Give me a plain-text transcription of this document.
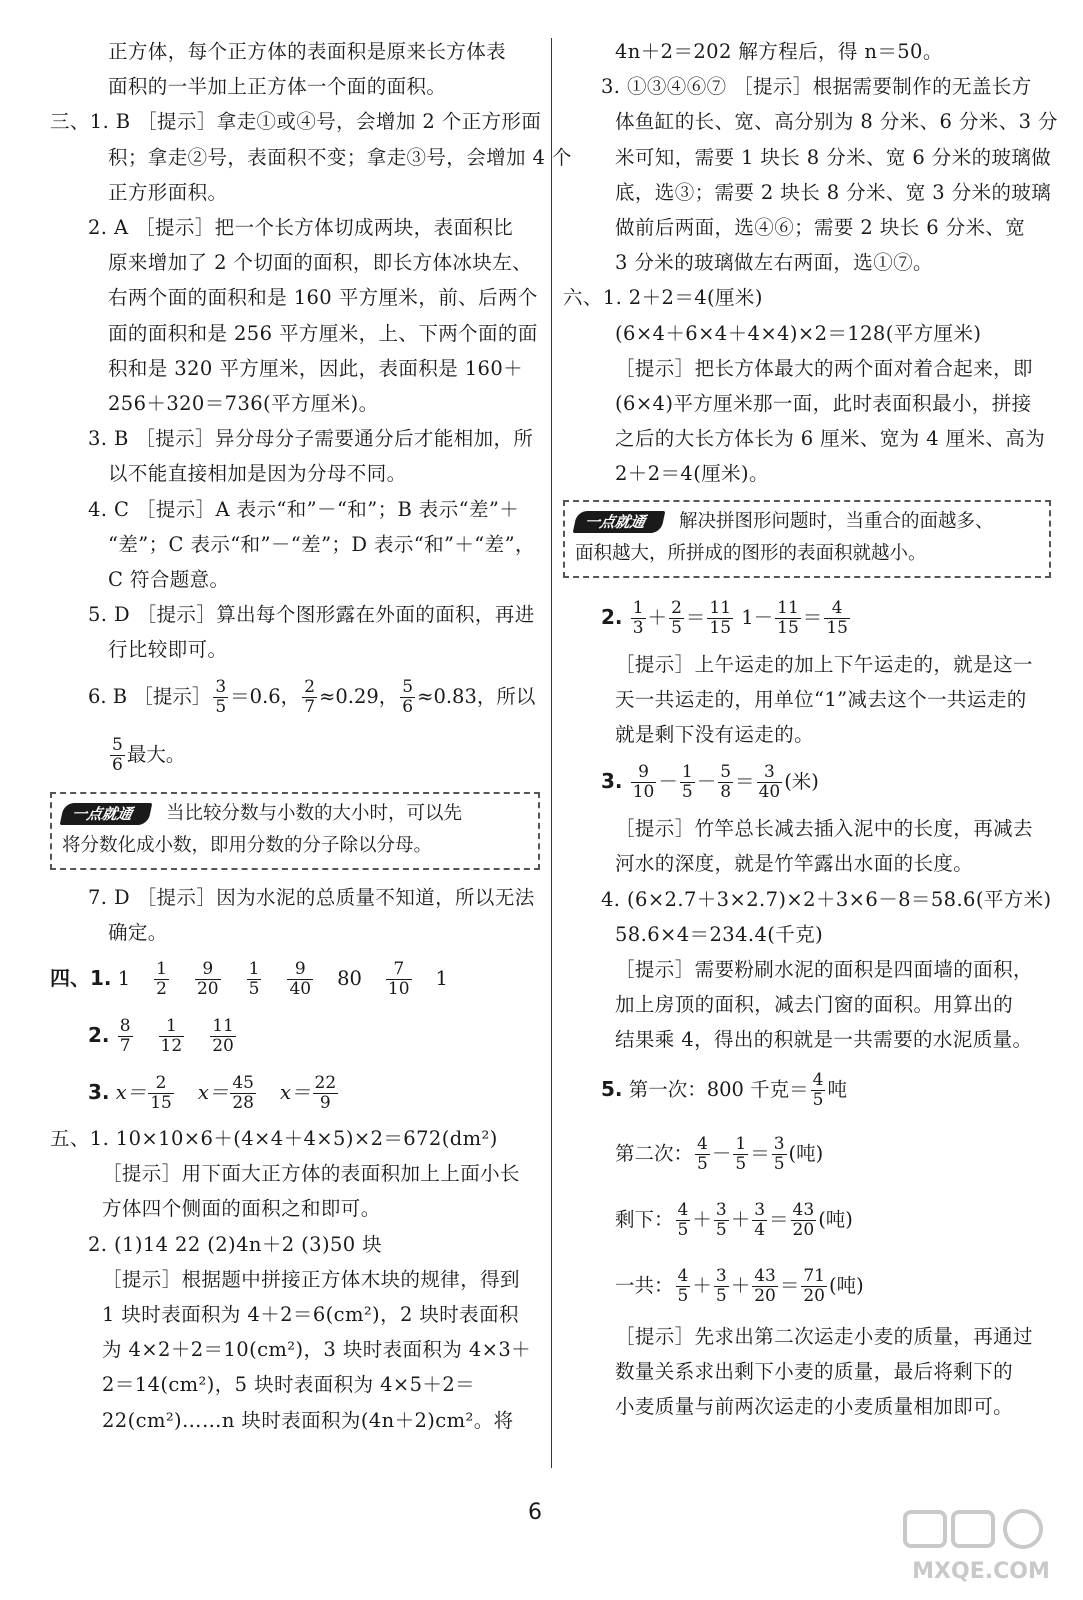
正方体，每个正方体的表面积是原来长方体表
面积的一半加上正方体一个面的面积。
三、1. B ［提示］拿走①或④号，会增加 2 个正方形面
积；拿走②号，表面积不变；拿走③号，会增加 4 个
正方形面积。
2. A ［提示］把一个长方体切成两块，表面积比
原来增加了 2 个切面的面积，即长方体冰块左、
右两个面的面积和是 160 平方厘米，前、后两个
面的面积和是 256 平方厘米，上、下两个面的面
积和是 320 平方厘米，因此，表面积是 160＋
256＋320＝736(平方厘米)。
3. B ［提示］异分母分子需要通分后才能相加，所
以不能直接相加是因为分母不同。
4. C ［提示］A 表示“和”－“和”；B 表示“差”＋
“差”；C 表示“和”－“差”；D 表示“和”＋“差”，
C 符合题意。
5. D ［提示］算出每个图形露在外面的面积，再进
行比较即可。
6. B ［提示］ $\frac{3}{5} =0.6$， $\frac{2}{7} \approx 0.29$， $\frac{5}{6} \approx 0.83$，所以
$\frac{5}{6}$ 最大。
一点就通 当比较分数与小数的大小时，可以先
将分数化成小数，即用分数的分子除以分母。
7. D ［提示］因为水泥的总质量不知道，所以无法
确定。
四、1. $1 \frac{1}{2} \frac{9}{20} \frac{1}{5} \frac{9}{40} 80 \frac{7}{10} 1$
2. $\frac{8}{7} \frac{1}{12} \frac{11}{20}$
3. $x= \frac{2}{15} x= \frac{45}{28} x= \frac{22}{9}$
五、1. 10×10×6＋(4×4＋4×5)×2＝672(dm²)
［提示］用下面大正方体的表面积加上上面小长
方体四个侧面的面积之和即可。
2. (1)14 22 (2)4n＋2 (3)50 块
［提示］根据题中拼接正方体木块的规律，得到
1 块时表面积为 4＋2＝6(cm²)，2 块时表面积
为 4×2＋2＝10(cm²)，3 块时表面积为 4×3＋
2＝14(cm²)，5 块时表面积为 4×5＋2＝
22(cm²)……n 块时表面积为(4n＋2)cm²。将
4n＋2＝202 解方程后，得 n＝50。
3. ①③④⑥⑦ ［提示］根据需要制作的无盖长方
体鱼缸的长、宽、高分别为 8 分米、6 分米、3 分
米可知，需要 1 块长 8 分米、宽 6 分米的玻璃做
底，选③；需要 2 块长 8 分米、宽 3 分米的玻璃
做前后两面，选④⑥；需要 2 块长 6 分米、宽
3 分米的玻璃做左右两面，选①⑦。
六、1. 2＋2＝4(厘米)
(6×4＋6×4＋4×4)×2＝128(平方厘米)
［提示］把长方体最大的两个面对着合起来，即
(6×4)平方厘米那一面，此时表面积最小，拼接
之后的大长方体长为 6 厘米、宽为 4 厘米、高为
2＋2＝4(厘米)。
一点就通 解决拼图形问题时，当重合的面越多、
面积越大，所拼成的图形的表面积就越小。
2. $\frac{1}{3} + \frac{2}{5} = \frac{11}{15} 1- \frac{11}{15} = \frac{4}{15}$
［提示］上午运走的加上下午运走的，就是这一
天一共运走的，用单位“1”减去这个一共运走的
就是剩下没有运走的。
3. $\frac{9}{10} - \frac{1}{5} - \frac{5}{8} = \frac{3}{40}$ (米)
［提示］竹竿总长减去插入泥中的长度，再减去
河水的深度，就是竹竿露出水面的长度。
4. (6×2.7＋3×2.7)×2＋3×6－8＝58.6(平方米)
58.6×4＝234.4(千克)
［提示］需要粉刷水泥的面积是四面墙的面积，
加上房顶的面积，减去门窗的面积。用算出的
结果乘 4，得出的积就是一共需要的水泥质量。
5. 第一次：800 千克＝ $\frac{4}{5}$ 吨
第二次： $\frac{4}{5} - \frac{1}{5} = \frac{3}{5}$ (吨)
剩下： $\frac{4}{5} + \frac{3}{5} + \frac{3}{4} = \frac{43}{20}$ (吨)
一共： $\frac{4}{5} + \frac{3}{5} + \frac{43}{20} = \frac{71}{20}$ (吨)
［提示］先求出第二次运走小麦的质量，再通过
数量关系求出剩下小麦的质量，最后将剩下的
小麦质量与前两次运走的小麦质量相加即可。
6
MXQE.COM
